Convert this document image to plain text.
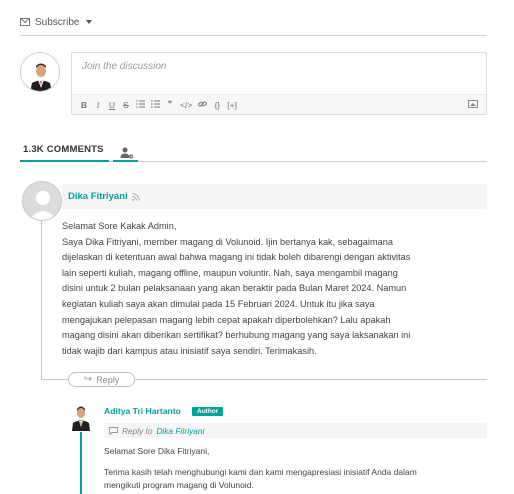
Subscribe
Join the discussion
B	I	U S	❞ </>	{} [+]
1.3K COMMENTS
Dika Fitriyani

Selamat Sore Kakak Admin,

Saya Dika Fitriyani, member magang di Volunoid. Ijin bertanya kak, sebagaimana

dijelaskan di ketentuan awal bahwa magang ini tidak boleh dibarengi dengan aktivitas

lain seperti kuliah, magang offline, maupun voluntir. Nah, saya mengambil magang

disini untuk 2 bulan pelaksanaan yang akan beraktir pada Bulan Maret 2024. Namun

kegiatan kuliah saya akan dimulai pada 15 Februari 2024. Untuk itu jika saya

mengajukan pelepasan magang lebih cepat apakah diperbolehkan? Lalu apakah

magang disini akan diberikan sertifikat? berhubung magang yang saya laksanakan ini

tidak wajib dari kampus atau inisiatif saya sendiri. Terimakasih.

↪ Reply
Aditya Tri Hartanto	Author
Reply to Dika Fitriyani

Selamat Sore Dika Fitriyani,

Terima kasih telah menghubungi kami dan kami mengapresiasi inisiatif Anda dalam

mengikuti program magang di Volunoid.
